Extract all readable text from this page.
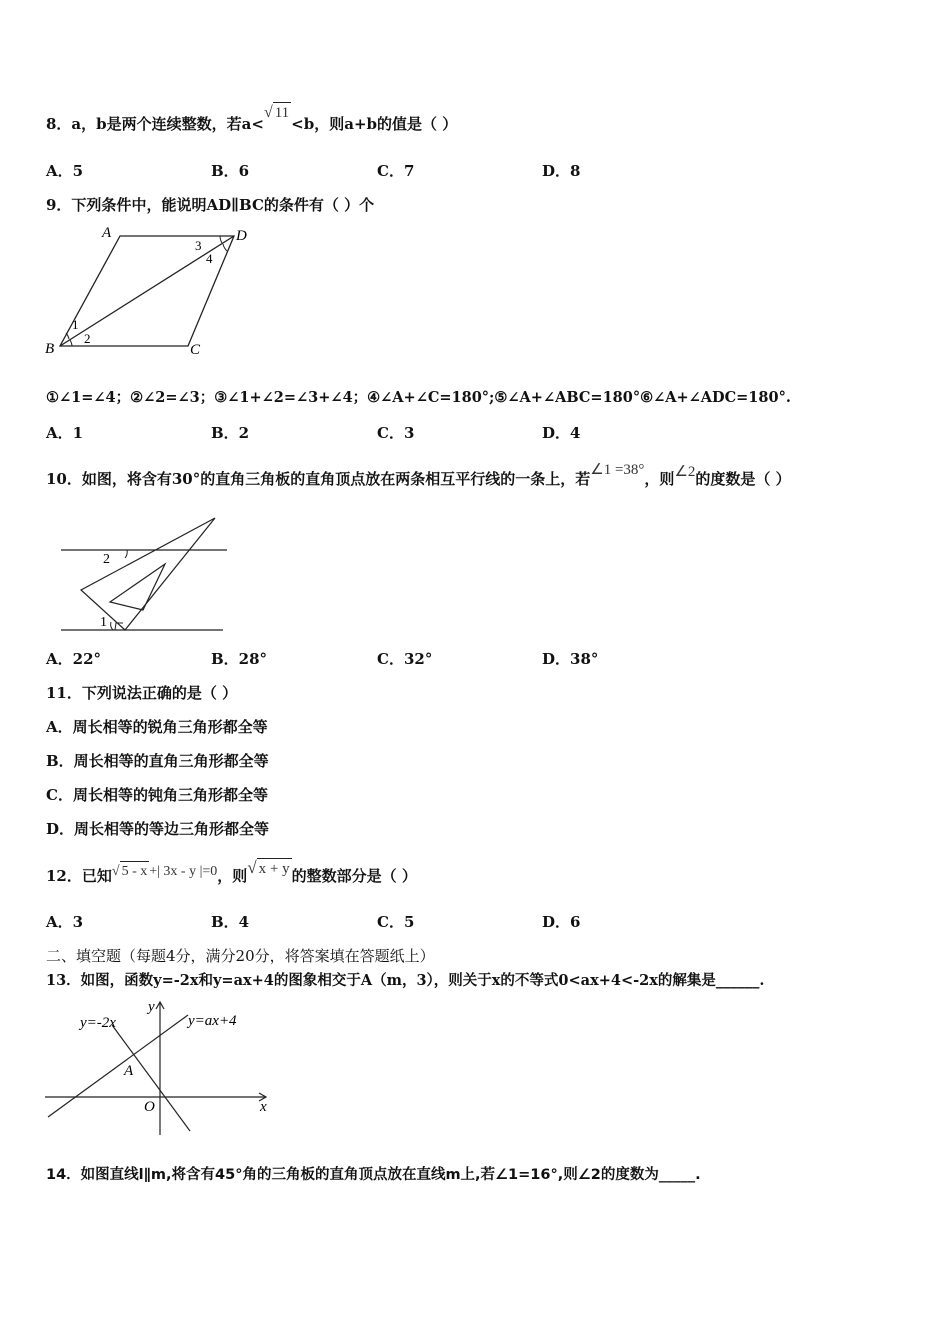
8．a，b是两个连续整数，若a<√ 11<b，则a+b的值是（ ）
A．5	B．6	C．7	D．8
9．下列条件中，能说明AD∥BC的条件有（ ）个
A	D
B	C
1
2
3
4
①∠1=∠4；②∠2=∠3；③∠1+∠2=∠3+∠4；④∠A+∠C=180°;⑤∠A+∠ABC=180°⑥∠A+∠ADC=180°.
A．1	B．2	C．3	D．4
10．如图，将含有30°的直角三角板的直角顶点放在两条相互平行线的一条上，若∠1 =38°，则∠2的度数是（ ）
2
1
A．22°	B．28°	C．32°	D．38°
11．下列说法正确的是（ ）
A．周长相等的锐角三角形都全等
B．周长相等的直角三角形都全等
C．周长相等的钝角三角形都全等
D．周长相等的等边三角形都全等
12．已知√ 5 - x +| 3x - y |=0，则√ x + y 的整数部分是（ ）
A．3	B．4	C．5	D．6
二、填空题（每题4分，满分20分，将答案填在答题纸上）
13．如图，函数y=-2x和y=ax+4的图象相交于A（m，3），则关于x的不等式0<ax+4<-2x的解集是______.
y=-2x	y=ax+4
y
x
O
A
14．如图直线l∥m,将含有45°角的三角板的直角顶点放在直线m上,若∠1=16°,则∠2的度数为_____.
